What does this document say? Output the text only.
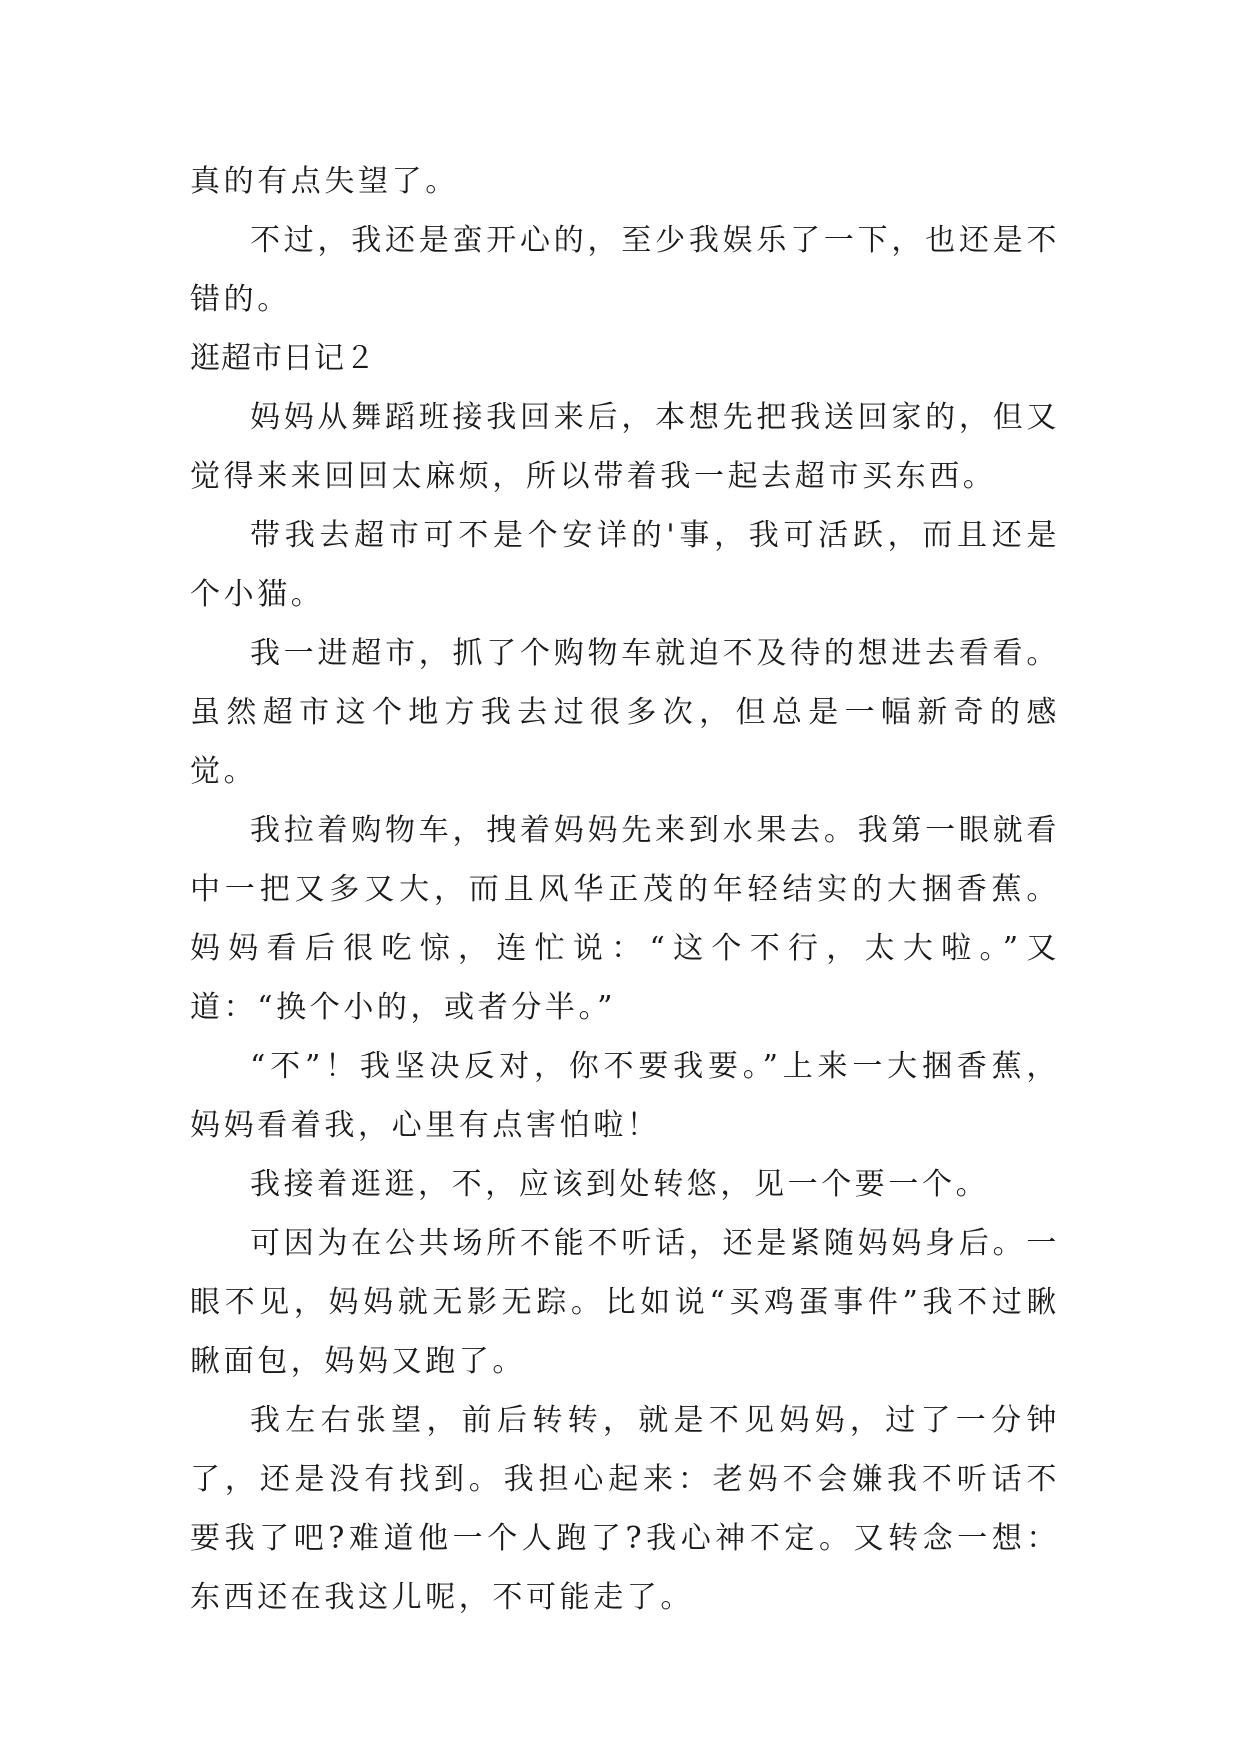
真的有点失望了。

不过，我还是蛮开心的，至少我娱乐了一下，也还是不错的。

逛超市日记２

妈妈从舞蹈班接我回来后，本想先把我送回家的，但又觉得来来回回太麻烦，所以带着我一起去超市买东西。

带我去超市可不是个安详的'事，我可活跃，而且还是个小猫。

我一进超市，抓了个购物车就迫不及待的想进去看看。虽然超市这个地方我去过很多次，但总是一幅新奇的感觉。

我拉着购物车，拽着妈妈先来到水果去。我第一眼就看中一把又多又大，而且风华正茂的年轻结实的大捆香蕉。妈妈看后很吃惊，连忙说：“这个不行，太大啦。”又道：“换个小的，或者分半。”

“不”！我坚决反对，你不要我要。”上来一大捆香蕉，妈妈看着我，心里有点害怕啦！

我接着逛逛，不，应该到处转悠，见一个要一个。

可因为在公共场所不能不听话，还是紧随妈妈身后。一眼不见，妈妈就无影无踪。比如说“买鸡蛋事件”我不过瞅瞅面包，妈妈又跑了。

我左右张望，前后转转，就是不见妈妈，过了一分钟了，还是没有找到。我担心起来：老妈不会嫌我不听话不要我了吧?难道他一个人跑了?我心神不定。又转念一想：东西还在我这儿呢，不可能走了。
